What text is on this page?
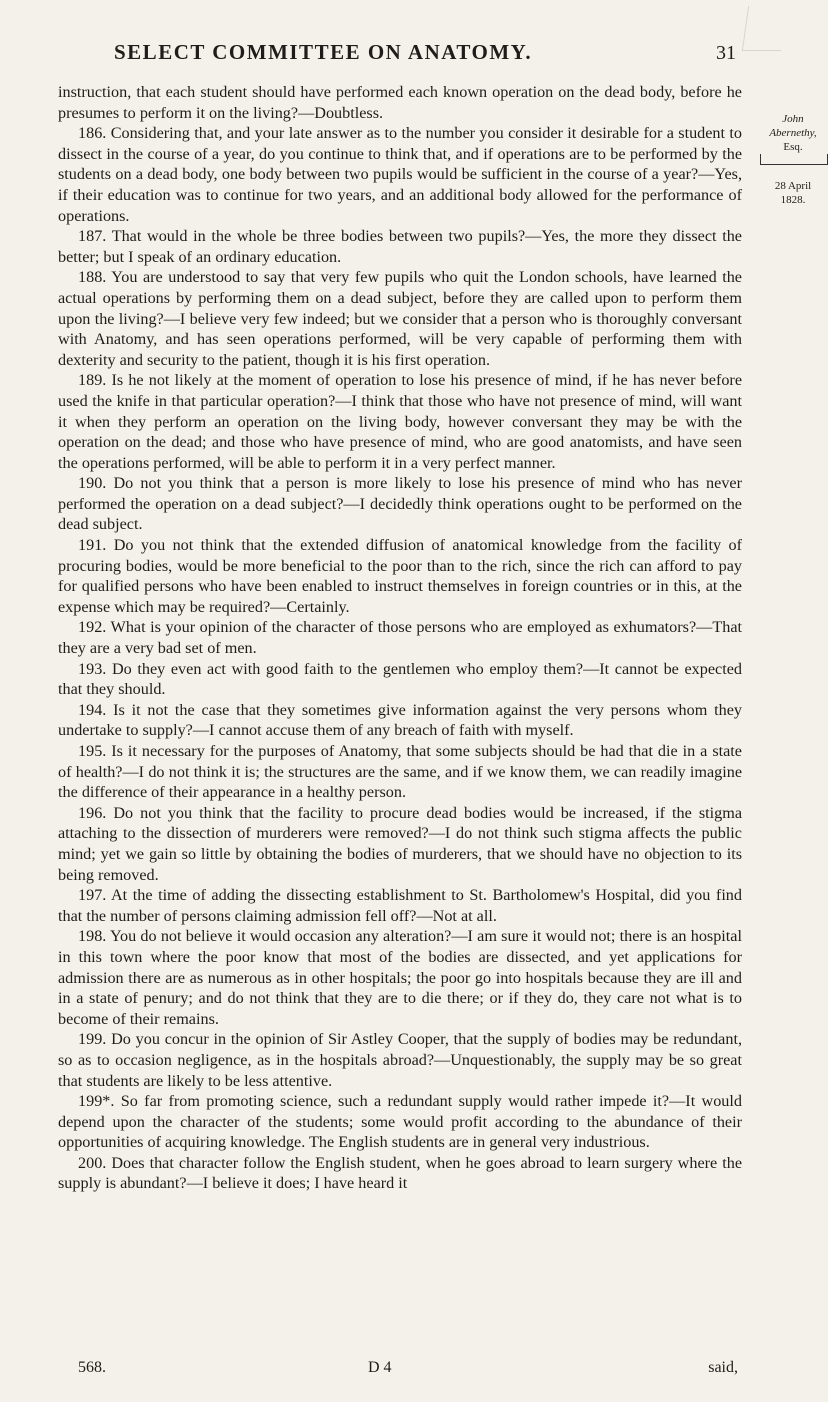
SELECT COMMITTEE ON ANATOMY.	31
John Abernethy,
Esq.
28 April
1828.

instruction, that each student should have performed each known operation on the dead body, before he presumes to perform it on the living?—Doubtless.

186. Considering that, and your late answer as to the number you consider it desirable for a student to dissect in the course of a year, do you continue to think that, and if operations are to be performed by the students on a dead body, one body between two pupils would be sufficient in the course of a year?—Yes, if their education was to continue for two years, and an additional body allowed for the performance of operations.

187. That would in the whole be three bodies between two pupils?—Yes, the more they dissect the better; but I speak of an ordinary education.

188. You are understood to say that very few pupils who quit the London schools, have learned the actual operations by performing them on a dead subject, before they are called upon to perform them upon the living?—I believe very few indeed; but we consider that a person who is thoroughly conversant with Anatomy, and has seen operations performed, will be very capable of performing them with dexterity and security to the patient, though it is his first operation.

189. Is he not likely at the moment of operation to lose his presence of mind, if he has never before used the knife in that particular operation?—I think that those who have not presence of mind, will want it when they perform an operation on the living body, however conversant they may be with the operation on the dead; and those who have presence of mind, who are good anatomists, and have seen the operations performed, will be able to perform it in a very perfect manner.

190. Do not you think that a person is more likely to lose his presence of mind who has never performed the operation on a dead subject?—I decidedly think operations ought to be performed on the dead subject.

191. Do you not think that the extended diffusion of anatomical knowledge from the facility of procuring bodies, would be more beneficial to the poor than to the rich, since the rich can afford to pay for qualified persons who have been enabled to instruct themselves in foreign countries or in this, at the expense which may be required?—Certainly.

192. What is your opinion of the character of those persons who are employed as exhumators?—That they are a very bad set of men.

193. Do they even act with good faith to the gentlemen who employ them?—It cannot be expected that they should.

194. Is it not the case that they sometimes give information against the very persons whom they undertake to supply?—I cannot accuse them of any breach of faith with myself.

195. Is it necessary for the purposes of Anatomy, that some subjects should be had that die in a state of health?—I do not think it is; the structures are the same, and if we know them, we can readily imagine the difference of their appearance in a healthy person.

196. Do not you think that the facility to procure dead bodies would be increased, if the stigma attaching to the dissection of murderers were removed?—I do not think such stigma affects the public mind; yet we gain so little by obtaining the bodies of murderers, that we should have no objection to its being removed.

197. At the time of adding the dissecting establishment to St. Bartholomew's Hospital, did you find that the number of persons claiming admission fell off?—Not at all.

198. You do not believe it would occasion any alteration?—I am sure it would not; there is an hospital in this town where the poor know that most of the bodies are dissected, and yet applications for admission there are as numerous as in other hospitals; the poor go into hospitals because they are ill and in a state of penury; and do not think that they are to die there; or if they do, they care not what is to become of their remains.

199. Do you concur in the opinion of Sir Astley Cooper, that the supply of bodies may be redundant, so as to occasion negligence, as in the hospitals abroad?—Unquestionably, the supply may be so great that students are likely to be less attentive.

199*. So far from promoting science, such a redundant supply would rather impede it?—It would depend upon the character of the students; some would profit according to the abundance of their opportunities of acquiring knowledge. The English students are in general very industrious.

200. Does that character follow the English student, when he goes abroad to learn surgery where the supply is abundant?—I believe it does; I have heard it

568.	D 4	said,
